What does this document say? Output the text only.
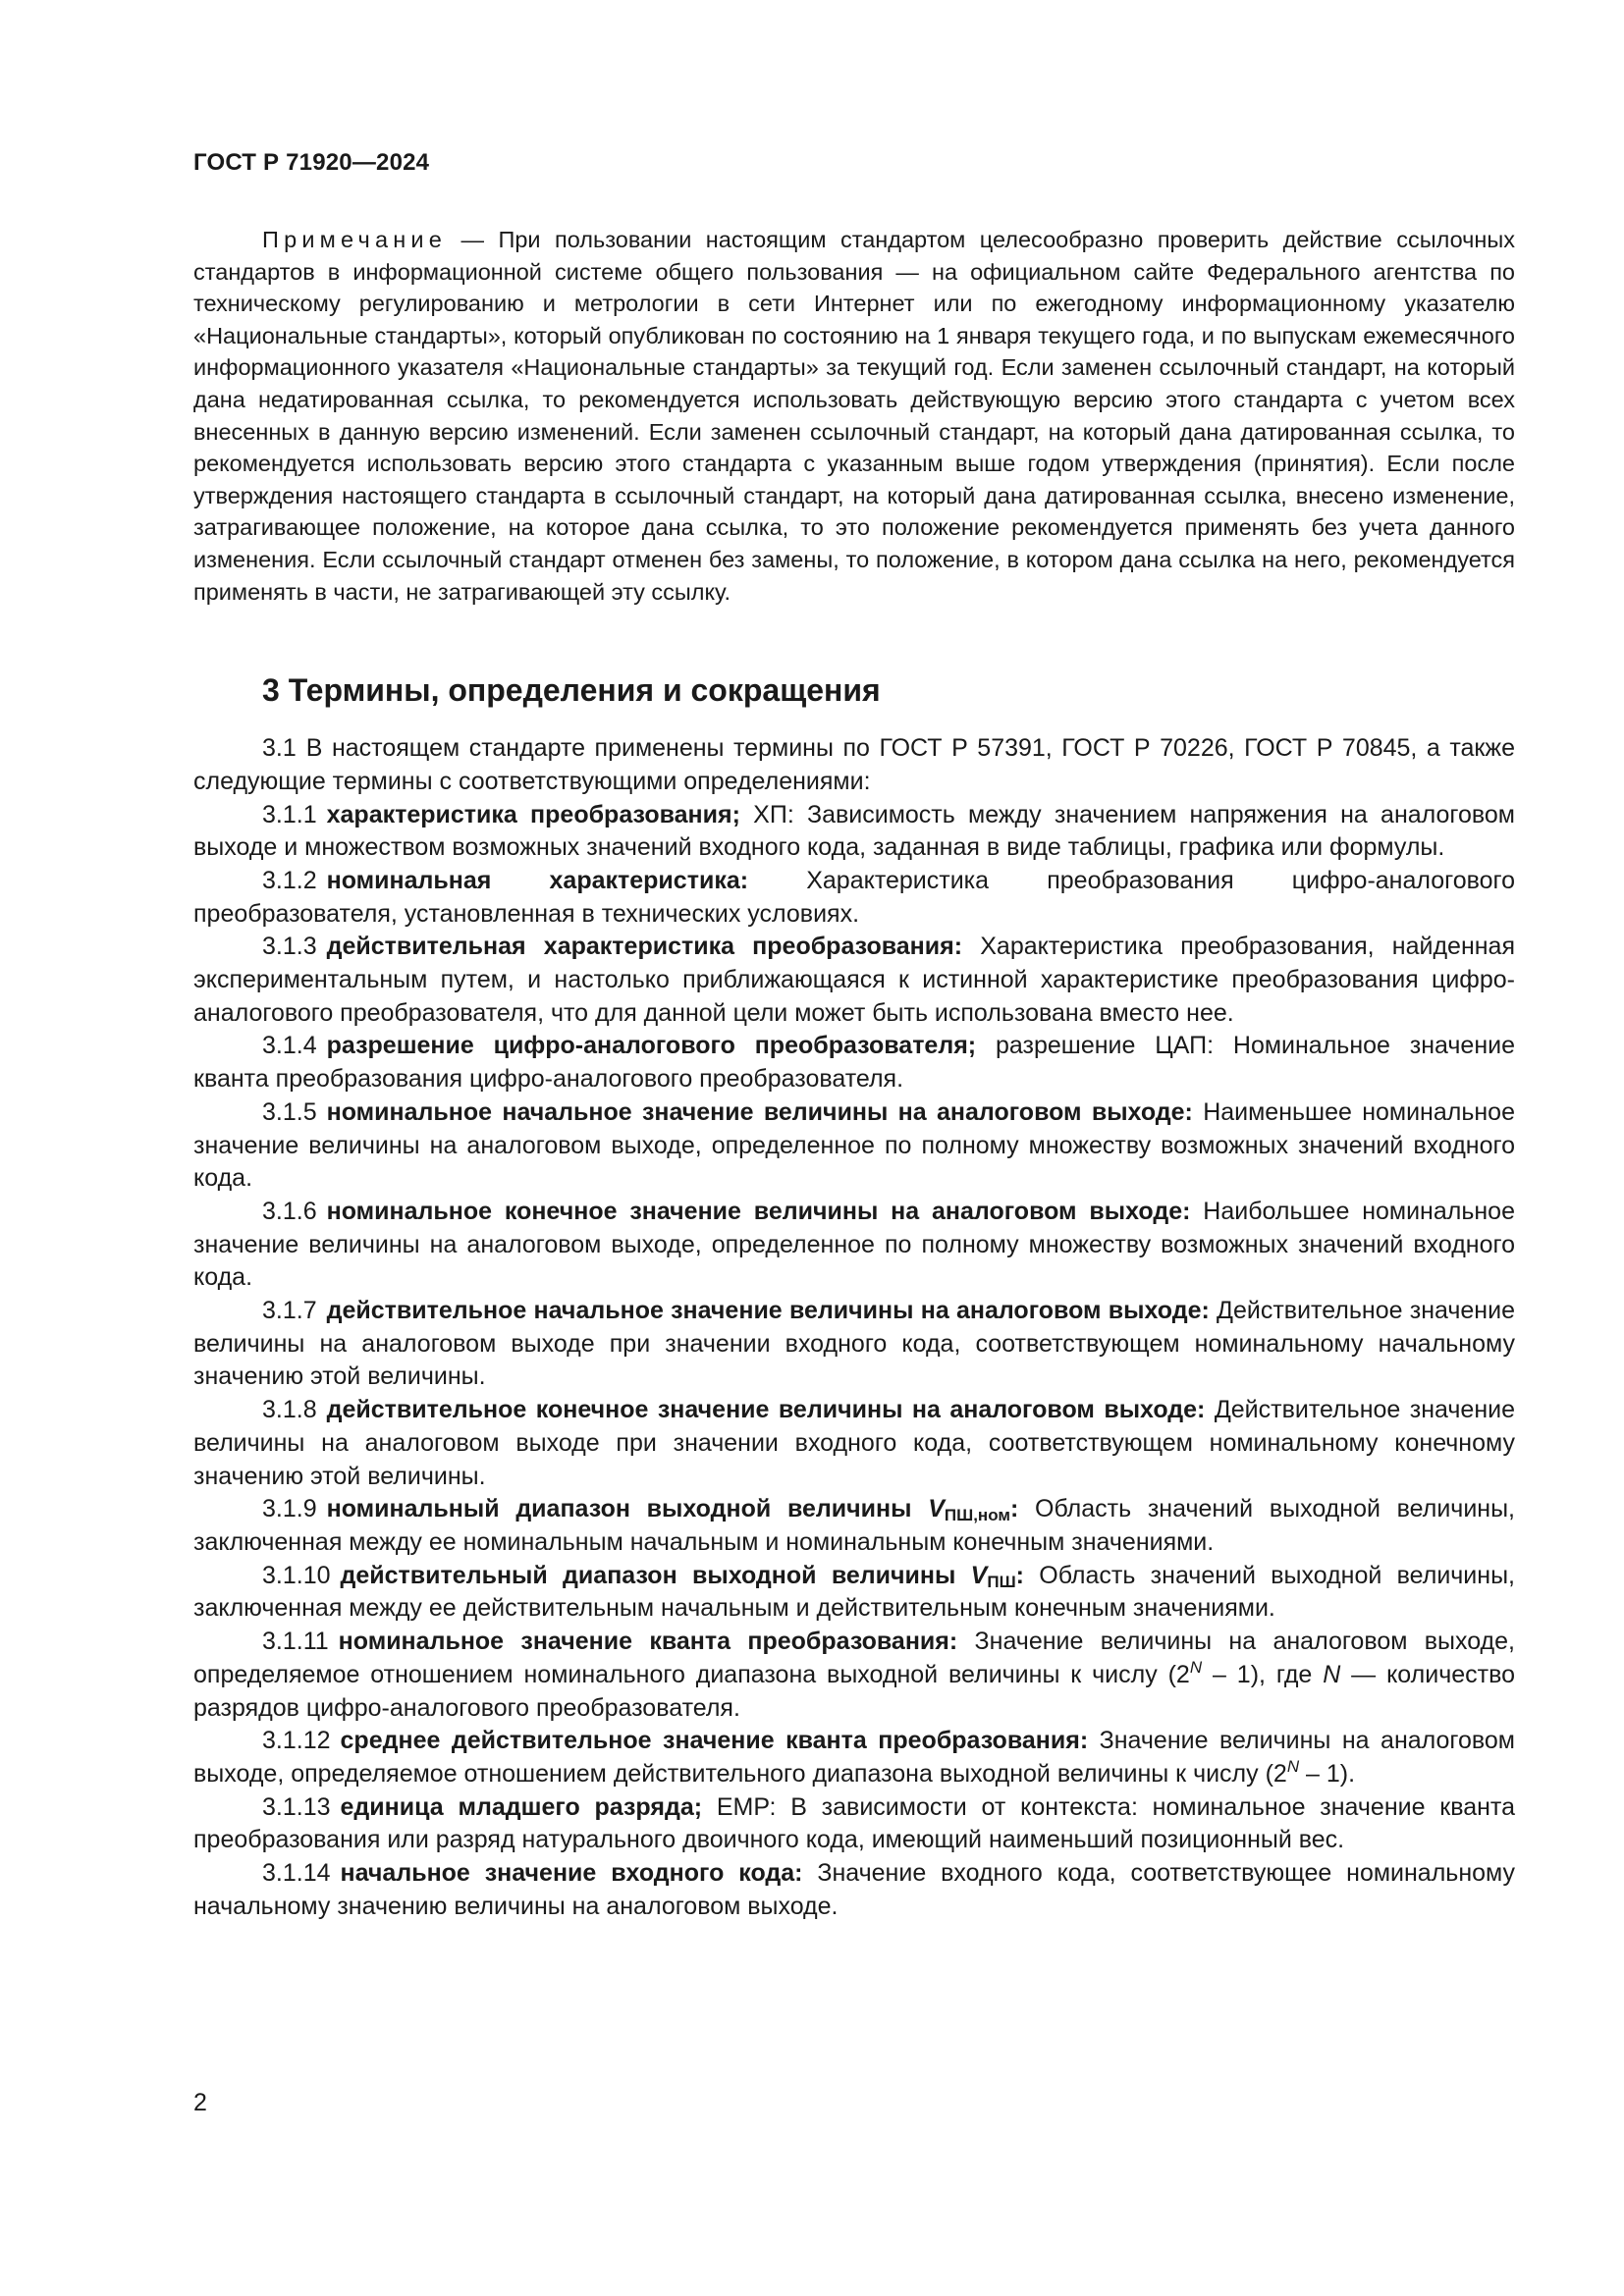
ГОСТ Р 71920—2024

Примечание — При пользовании настоящим стандартом целесообразно проверить действие ссылочных стандартов в информационной системе общего пользования — на официальном сайте Федерального агентства по техническому регулированию и метрологии в сети Интернет или по ежегодному информационному указателю «Национальные стандарты», который опубликован по состоянию на 1 января текущего года, и по выпускам ежемесячного информационного указателя «Национальные стандарты» за текущий год. Если заменен ссылочный стандарт, на который дана недатированная ссылка, то рекомендуется использовать действующую версию этого стандарта с учетом всех внесенных в данную версию изменений. Если заменен ссылочный стандарт, на который дана датированная ссылка, то рекомендуется использовать версию этого стандарта с указанным выше годом утверждения (принятия). Если после утверждения настоящего стандарта в ссылочный стандарт, на который дана датированная ссылка, внесено изменение, затрагивающее положение, на которое дана ссылка, то это положение рекомендуется применять без учета данного изменения. Если ссылочный стандарт отменен без замены, то положение, в котором дана ссылка на него, рекомендуется применять в части, не затрагивающей эту ссылку.

3 Термины, определения и сокращения

3.1 В настоящем стандарте применены термины по ГОСТ Р 57391, ГОСТ Р 70226, ГОСТ Р 70845, а также следующие термины с соответствующими определениями:

3.1.1 характеристика преобразования; ХП: Зависимость между значением напряжения на аналоговом выходе и множеством возможных значений входного кода, заданная в виде таблицы, графика или формулы.

3.1.2 номинальная характеристика: Характеристика преобразования цифро-аналогового преобразователя, установленная в технических условиях.

3.1.3 действительная характеристика преобразования: Характеристика преобразования, найденная экспериментальным путем, и настолько приближающаяся к истинной характеристике преобразования цифро-аналогового преобразователя, что для данной цели может быть использована вместо нее.

3.1.4 разрешение цифро-аналогового преобразователя; разрешение ЦАП: Номинальное значение кванта преобразования цифро-аналогового преобразователя.

3.1.5 номинальное начальное значение величины на аналоговом выходе: Наименьшее номинальное значение величины на аналоговом выходе, определенное по полному множеству возможных значений входного кода.

3.1.6 номинальное конечное значение величины на аналоговом выходе: Наибольшее номинальное значение величины на аналоговом выходе, определенное по полному множеству возможных значений входного кода.

3.1.7 действительное начальное значение величины на аналоговом выходе: Действительное значение величины на аналоговом выходе при значении входного кода, соответствующем номинальному начальному значению этой величины.

3.1.8 действительное конечное значение величины на аналоговом выходе: Действительное значение величины на аналоговом выходе при значении входного кода, соответствующем номинальному конечному значению этой величины.

3.1.9 номинальный диапазон выходной величины $V_{ПШ,ном}$: Область значений выходной величины, заключенная между ее номинальным начальным и номинальным конечным значениями.

3.1.10 действительный диапазон выходной величины $V_{ПШ}$: Область значений выходной величины, заключенная между ее действительным начальным и действительным конечным значениями.

3.1.11 номинальное значение кванта преобразования: Значение величины на аналоговом выходе, определяемое отношением номинального диапазона выходной величины к числу $(2^N - 1)$, где N — количество разрядов цифро-аналогового преобразователя.

3.1.12 среднее действительное значение кванта преобразования: Значение величины на аналоговом выходе, определяемое отношением действительного диапазона выходной величины к числу $(2^N - 1)$.

3.1.13 единица младшего разряда; ЕМР: В зависимости от контекста: номинальное значение кванта преобразования или разряд натурального двоичного кода, имеющий наименьший позиционный вес.

3.1.14 начальное значение входного кода: Значение входного кода, соответствующее номинальному начальному значению величины на аналоговом выходе.

2
